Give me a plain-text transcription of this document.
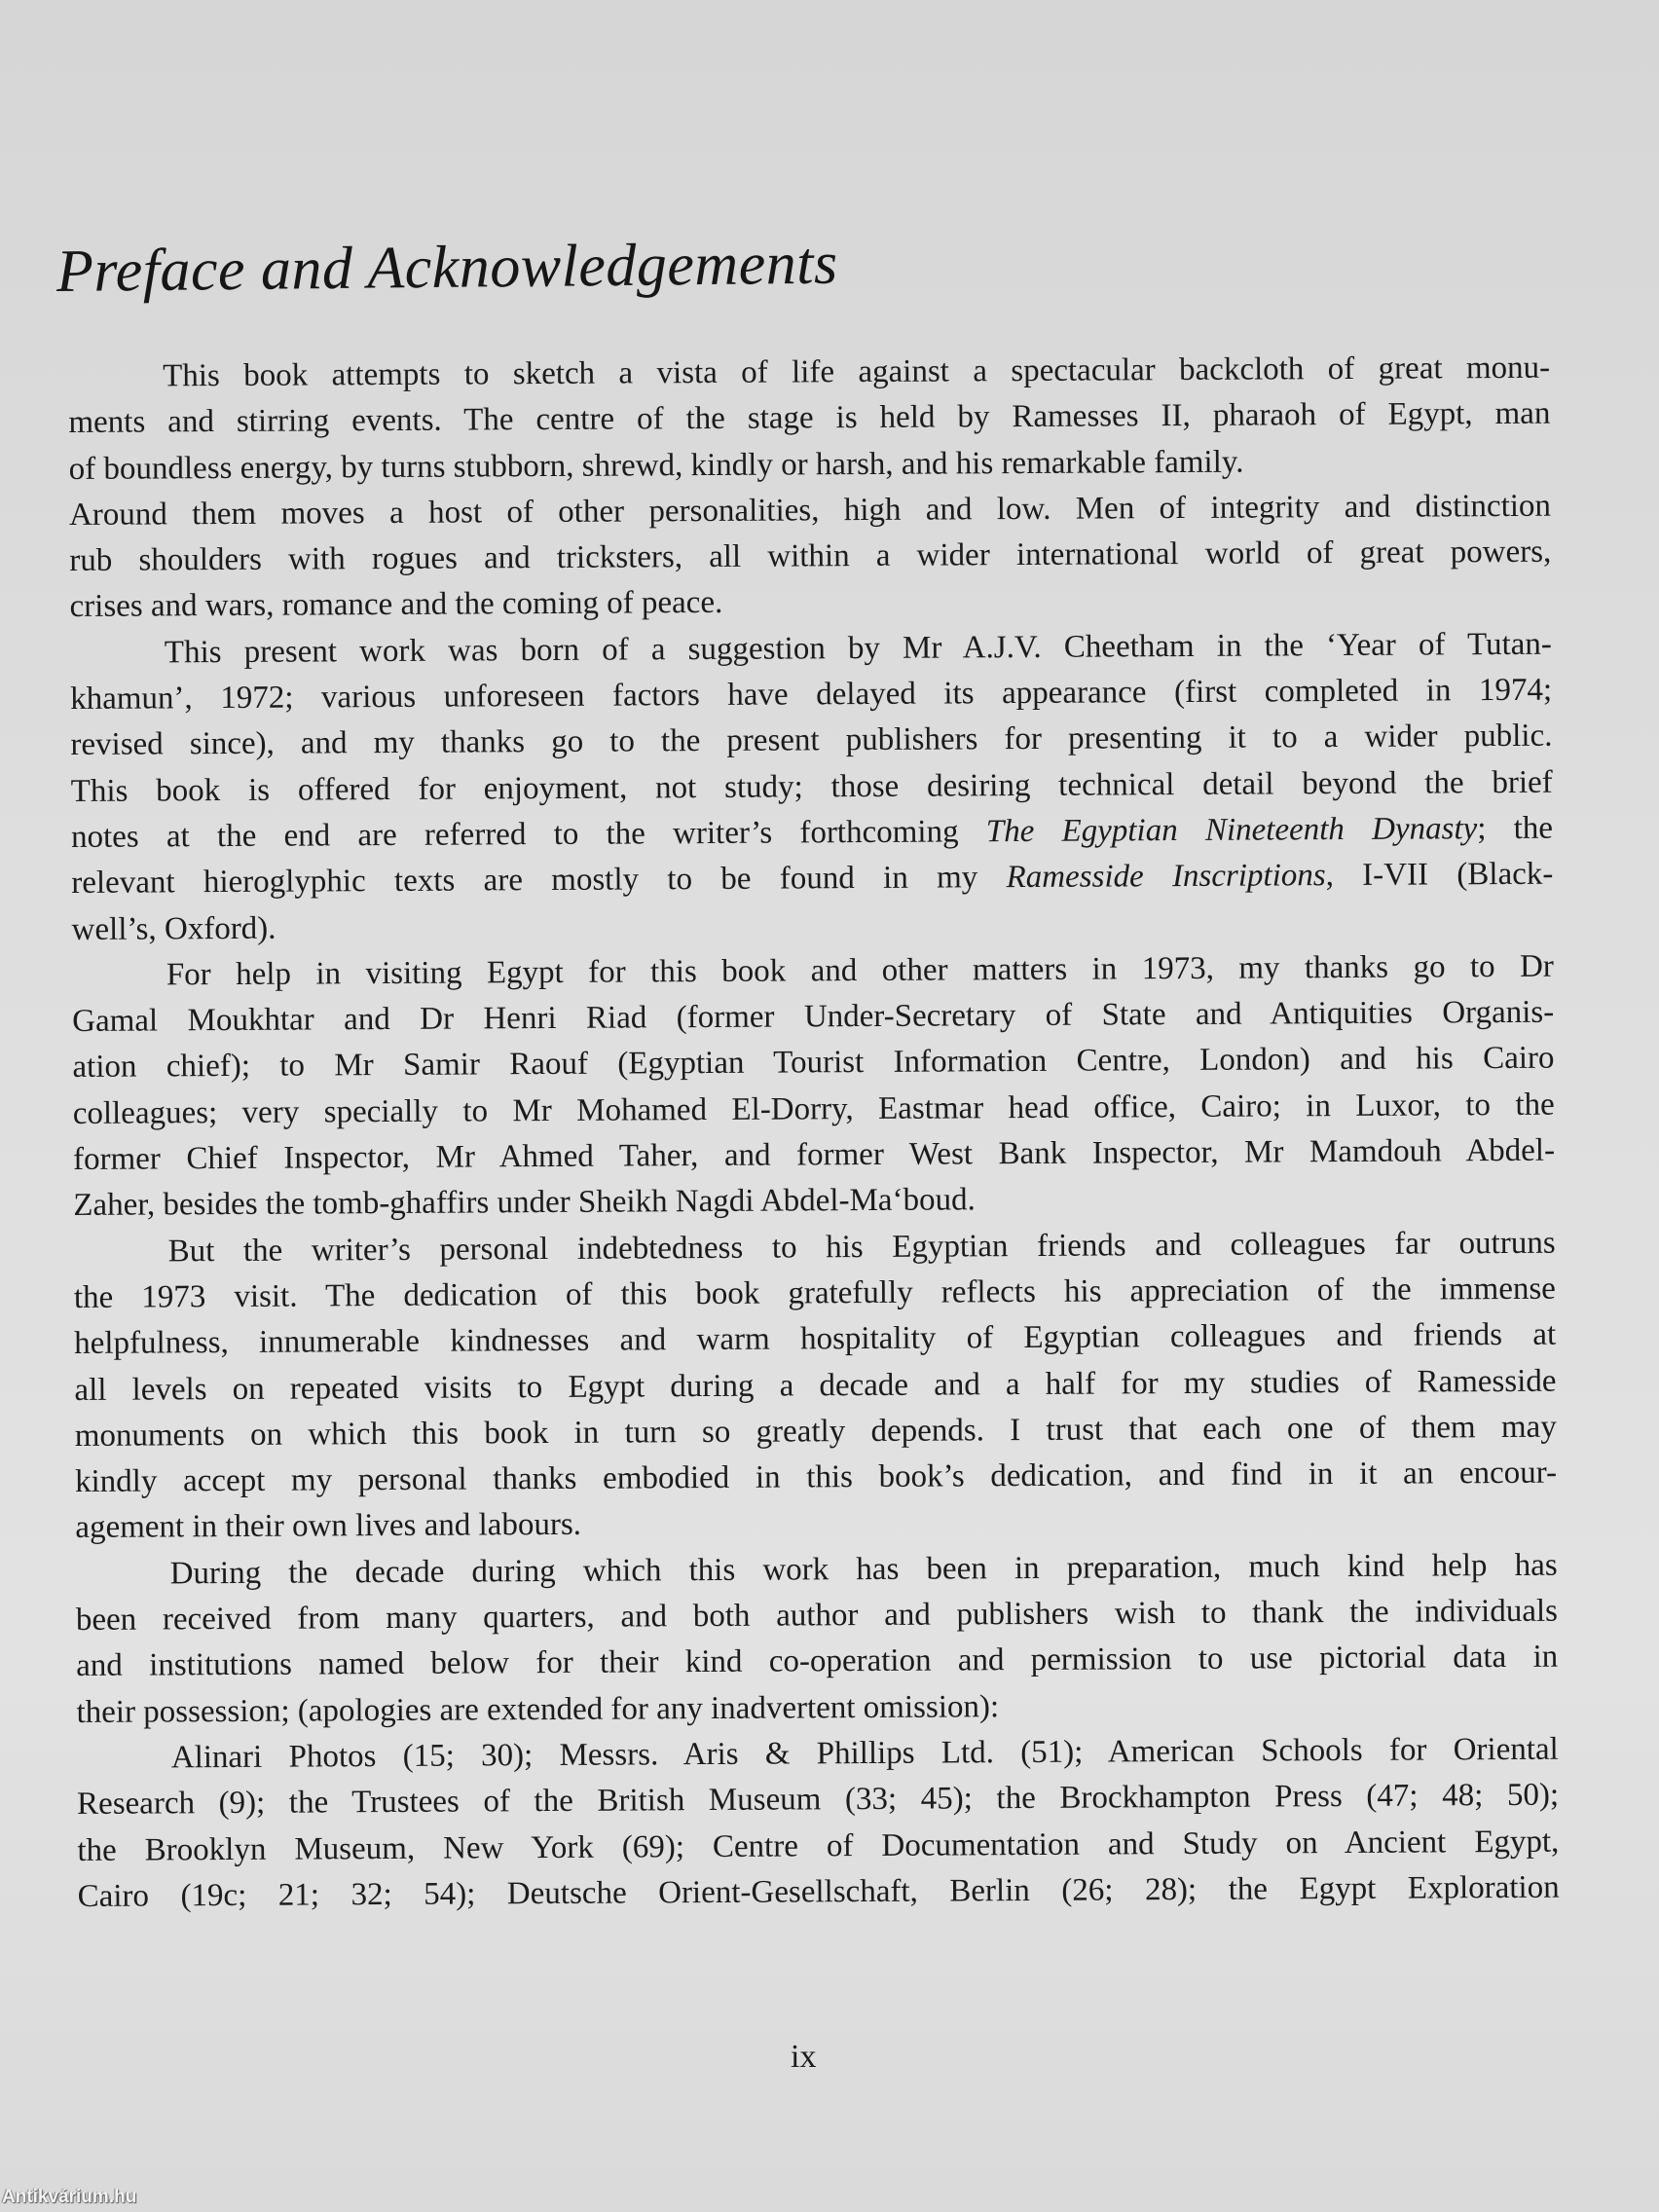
Preface and Acknowledgements
This book attempts to sketch a vista of life against a spectacular backcloth of great monu-
ments and stirring events. The centre of the stage is held by Ramesses II, pharaoh of Egypt, man
of boundless energy, by turns stubborn, shrewd, kindly or harsh, and his remarkable family.
Around them moves a host of other personalities, high and low. Men of integrity and distinction
rub shoulders with rogues and tricksters, all within a wider international world of great powers,
crises and wars, romance and the coming of peace.
This present work was born of a suggestion by Mr A.J.V. Cheetham in the ‘Year of Tutan-
khamun’, 1972; various unforeseen factors have delayed its appearance (first completed in 1974;
revised since), and my thanks go to the present publishers for presenting it to a wider public.
This book is offered for enjoyment, not study; those desiring technical detail beyond the brief
notes at the end are referred to the writer’s forthcoming The Egyptian Nineteenth Dynasty; the
relevant hieroglyphic texts are mostly to be found in my Ramesside Inscriptions, I-VII (Black-
well’s, Oxford).
For help in visiting Egypt for this book and other matters in 1973, my thanks go to Dr
Gamal Moukhtar and Dr Henri Riad (former Under-Secretary of State and Antiquities Organis-
ation chief); to Mr Samir Raouf (Egyptian Tourist Information Centre, London) and his Cairo
colleagues; very specially to Mr Mohamed El-Dorry, Eastmar head office, Cairo; in Luxor, to the
former Chief Inspector, Mr Ahmed Taher, and former West Bank Inspector, Mr Mamdouh Abdel-
Zaher, besides the tomb-ghaffirs under Sheikh Nagdi Abdel-Ma‘boud.
But the writer’s personal indebtedness to his Egyptian friends and colleagues far outruns
the 1973 visit. The dedication of this book gratefully reflects his appreciation of the immense
helpfulness, innumerable kindnesses and warm hospitality of Egyptian colleagues and friends at
all levels on repeated visits to Egypt during a decade and a half for my studies of Ramesside
monuments on which this book in turn so greatly depends. I trust that each one of them may
kindly accept my personal thanks embodied in this book’s dedication, and find in it an encour-
agement in their own lives and labours.
During the decade during which this work has been in preparation, much kind help has
been received from many quarters, and both author and publishers wish to thank the individuals
and institutions named below for their kind co-operation and permission to use pictorial data in
their possession; (apologies are extended for any inadvertent omission):
Alinari Photos (15; 30); Messrs. Aris & Phillips Ltd. (51); American Schools for Oriental
Research (9); the Trustees of the British Museum (33; 45); the Brockhampton Press (47; 48; 50);
the Brooklyn Museum, New York (69); Centre of Documentation and Study on Ancient Egypt,
Cairo (19c; 21; 32; 54); Deutsche Orient-Gesellschaft, Berlin (26; 28); the Egypt Exploration
ix
Antikvárium.hu
